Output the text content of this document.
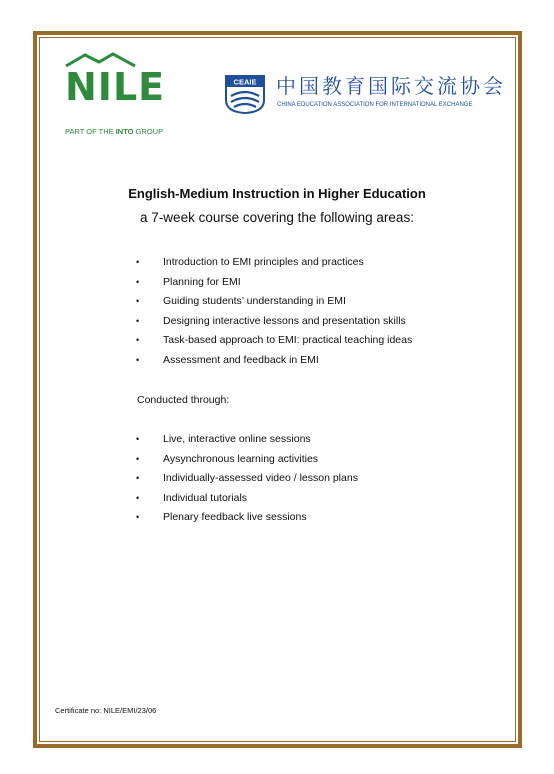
NILE
PART OF THE INTO GROUP
CEAIE 中国教育国际交流协会
CHINA EDUCATION ASSOCIATION FOR INTERNATIONAL EXCHANGE
English-Medium Instruction in Higher Education
a 7-week course covering the following areas:
• Introduction to EMI principles and practices
• Planning for EMI
• Guiding students’ understanding in EMI
• Designing interactive lessons and presentation skills
• Task-based approach to EMI: practical teaching ideas
• Assessment and feedback in EMI
Conducted through:
• Live, interactive online sessions
• Aysynchronous learning activities
• Individually-assessed video / lesson plans
• Individual tutorials
• Plenary feedback live sessions
Certificate no: NILE/EMI/23/06
